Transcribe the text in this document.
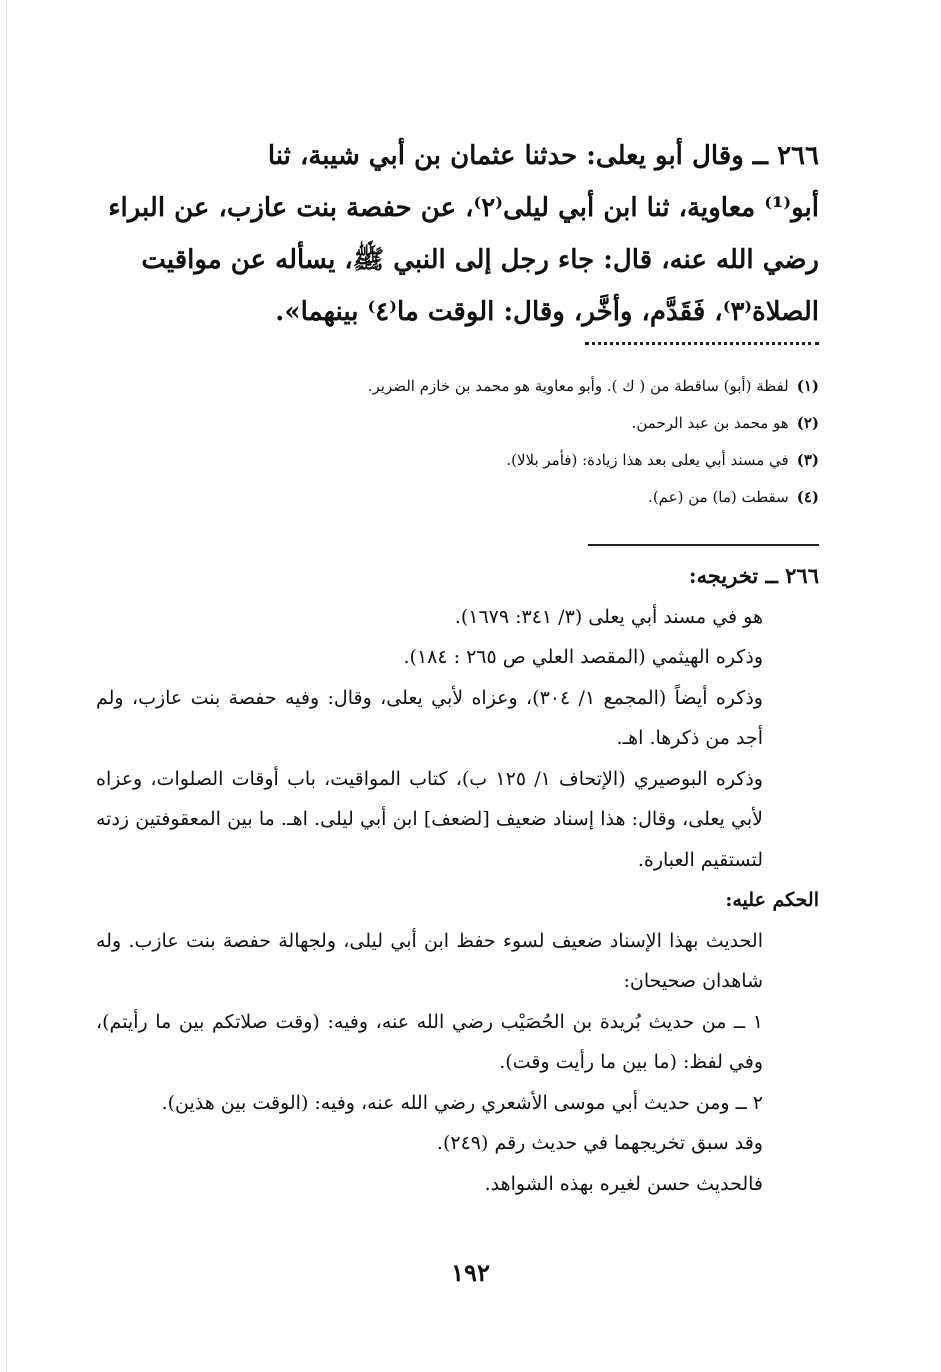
٢٦٦ ــ وقال أبو يعلى: حدثنا عثمان بن أبي شيبة، ثنا

أبو⁽¹⁾ معاوية، ثنا ابن أبي ليلى⁽٢⁾، عن حفصة بنت عازب، عن البراء

رضي الله عنه، قال: جاء رجل إلى النبي ﷺ، يسأله عن مواقيت

الصلاة⁽٣⁾، فَقَدَّم، وأخَّر، وقال: الوقت ما⁽٤⁾ بينهما».

(١)لفظة (أبو) ساقطة من ( ك ). وأبو معاوية هو محمد بن خازم الضرير.
(٢)هو محمد بن عبد الرحمن.
(٣)في مسند أبي يعلى بعد هذا زيادة: (فأمر بلالا).
(٤)سقطت (ما) من (عم).

٢٦٦ ــ تخريجه:

هو في مسند أبي يعلى (٣/ ٣٤١: ١٦٧٩).

وذكره الهيثمي (المقصد العلي ص ٢٦٥ : ١٨٤).

وذكره أيضاً (المجمع ١/ ٣٠٤)، وعزاه لأبي يعلى، وقال: وفيه حفصة بنت عازب، ولم أجد من ذكرها. اهـ.

وذكره البوصيري (الإتحاف ١/ ١٢٥ ب)، كتاب المواقيت، باب أوقات الصلوات، وعزاه لأبي يعلى، وقال: هذا إسناد ضعيف [لضعف] ابن أبي ليلى. اهـ. ما بين المعقوفتين زدته لتستقيم العبارة.

الحكم عليه:

الحديث بهذا الإسناد ضعيف لسوء حفظ ابن أبي ليلى، ولجهالة حفصة بنت عازب. وله شاهدان صحيحان:

١ ــ من حديث بُريدة بن الحُصَيْب رضي الله عنه، وفيه: (وقت صلاتكم بين ما رأيتم)، وفي لفظ: (ما بين ما رأيت وقت).

٢ ــ ومن حديث أبي موسى الأشعري رضي الله عنه، وفيه: (الوقت بين هذين).

وقد سبق تخريجهما في حديث رقم (٢٤٩).

فالحديث حسن لغيره بهذه الشواهد.

١٩٢
